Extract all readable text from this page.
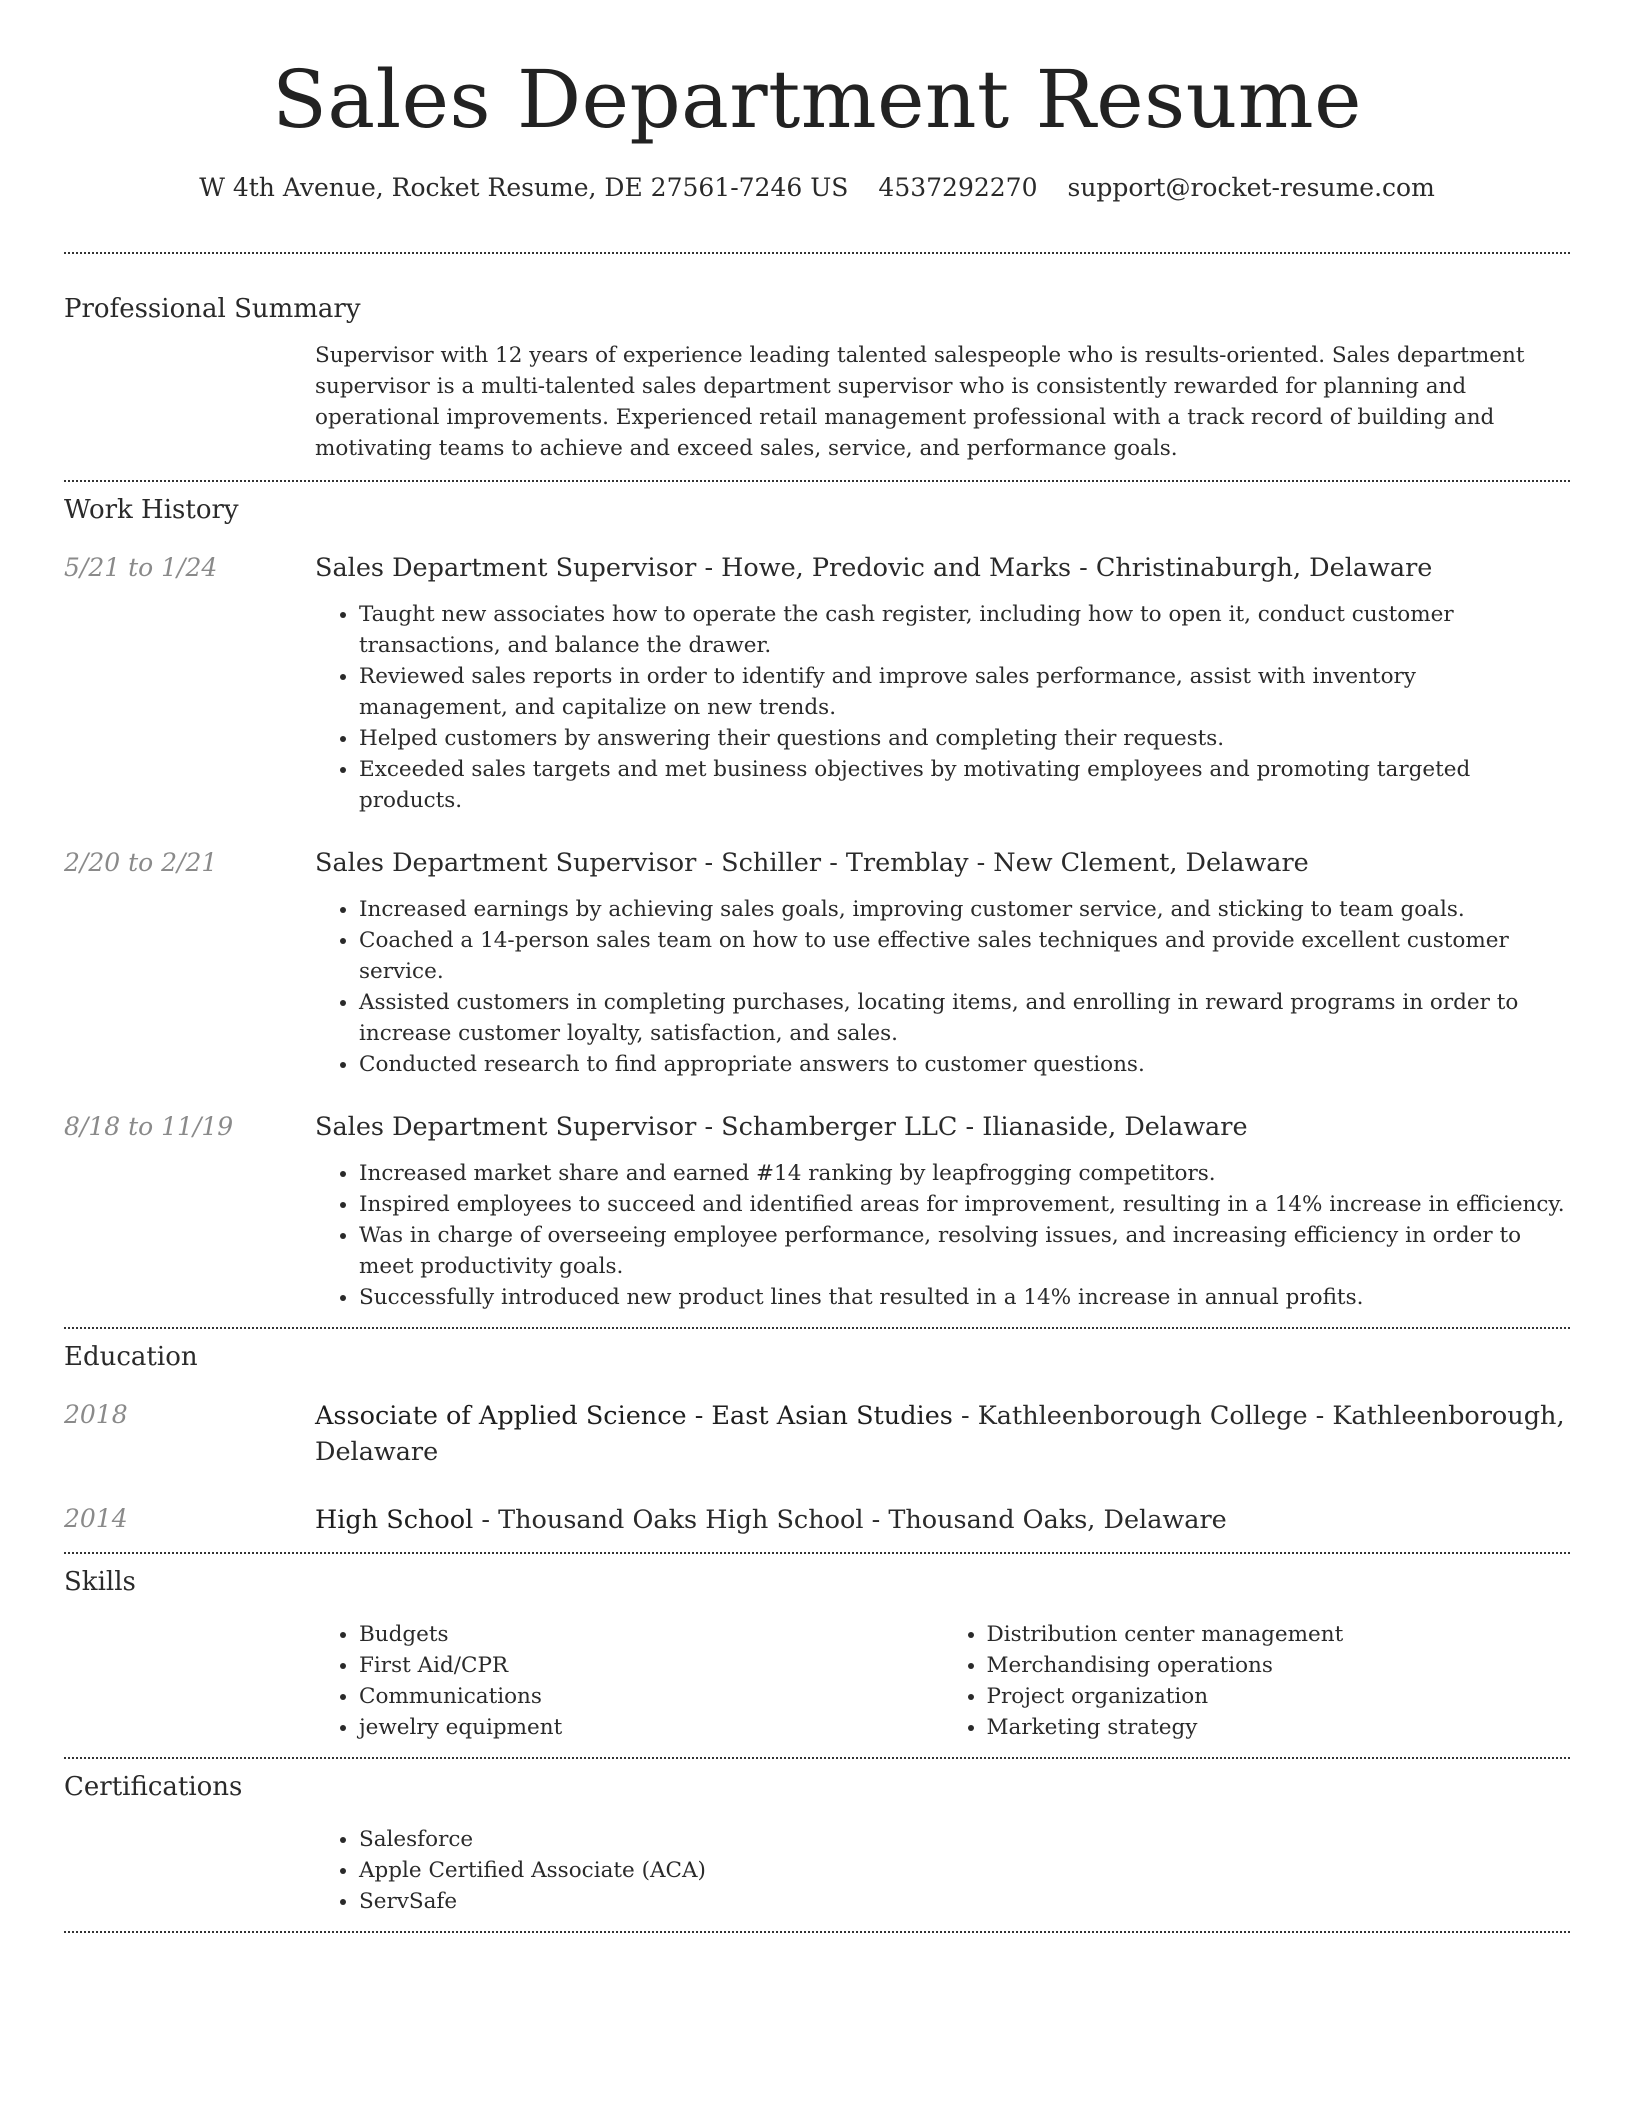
Sales Department Resume
W 4th Avenue, Rocket Resume, DE 27561-7246 US 4537292270 support@rocket-resume.com
Professional Summary

Supervisor with 12 years of experience leading talented salespeople who is results-oriented. Sales department supervisor is a multi-talented sales department supervisor who is consistently rewarded for planning and operational improvements. Experienced retail management professional with a track record of building and motivating teams to achieve and exceed sales, service, and performance goals.

Work History
5/21 to 1/24	Sales Department Supervisor - Howe, Predovic and Marks - Christinaburgh, Delaware

• Taught new associates how to operate the cash register, including how to open it, conduct customer transactions, and balance the drawer.
• Reviewed sales reports in order to identify and improve sales performance, assist with inventory management, and capitalize on new trends.
• Helped customers by answering their questions and completing their requests.
• Exceeded sales targets and met business objectives by motivating employees and promoting targeted products.
2/20 to 2/21	Sales Department Supervisor - Schiller - Tremblay - New Clement, Delaware

• Increased earnings by achieving sales goals, improving customer service, and sticking to team goals.
• Coached a 14-person sales team on how to use effective sales techniques and provide excellent customer service.
• Assisted customers in completing purchases, locating items, and enrolling in reward programs in order to increase customer loyalty, satisfaction, and sales.
• Conducted research to find appropriate answers to customer questions.
8/18 to 11/19	Sales Department Supervisor - Schamberger LLC - Ilianaside, Delaware

• Increased market share and earned #14 ranking by leapfrogging competitors.
• Inspired employees to succeed and identified areas for improvement, resulting in a 14% increase in efficiency.
• Was in charge of overseeing employee performance, resolving issues, and increasing efficiency in order to meet productivity goals.
• Successfully introduced new product lines that resulted in a 14% increase in annual profits.
Education
2018	Associate of Applied Science - East Asian Studies - Kathleenborough College - Kathleenborough, Delaware

2014	High School - Thousand Oaks High School - Thousand Oaks, Delaware

Skills
• Budgets
• First Aid/CPR
• Communications
• jewelry equipment
• Distribution center management
• Merchandising operations
• Project organization
• Marketing strategy
Certifications
• Salesforce
• Apple Certified Associate (ACA)
• ServSafe
